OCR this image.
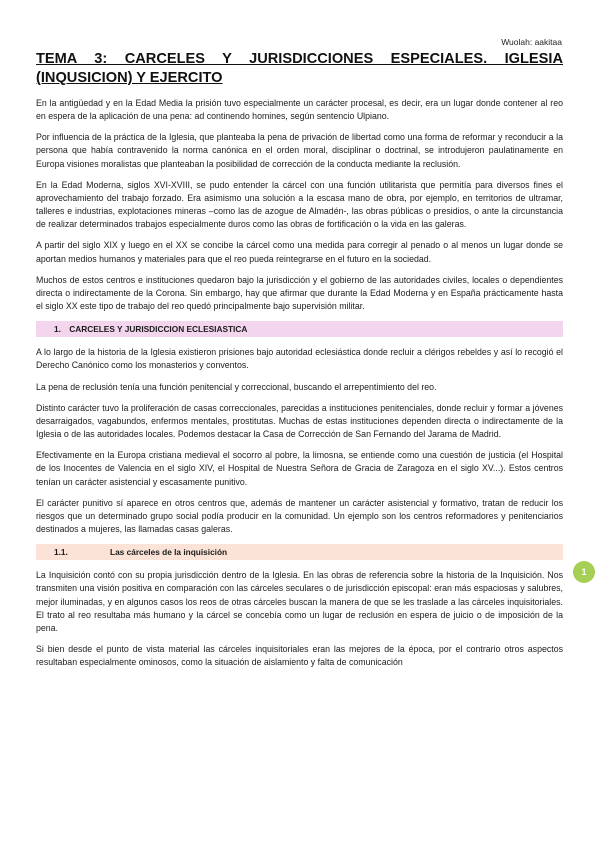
Wuolah: aakitaa
TEMA 3: CARCELES Y JURISDICCIONES ESPECIALES. IGLESIA (INQUSICION) Y EJERCITO

En la antigüedad y en la Edad Media la prisión tuvo especialmente un carácter procesal, es decir, era un lugar donde contener al reo en espera de la aplicación de una pena: ad continendo homines, según sentencio Ulpiano.

Por influencia de la práctica de la Iglesia, que planteaba la pena de privación de libertad como una forma de reformar y reconducir a la persona que había contravenido la norma canónica en el orden moral, disciplinar o doctrinal, se introdujeron paulatinamente en Europa visiones moralistas que planteaban la posibilidad de corrección de la conducta mediante la reclusión.

En la Edad Moderna, siglos XVI-XVIII, se pudo entender la cárcel con una función utilitarista que permitía para diversos fines el aprovechamiento del trabajo forzado. Era asimismo una solución a la escasa mano de obra, por ejemplo, en territorios de ultramar, talleres e industrias, explotaciones mineras –como las de azogue de Almadén-, las obras públicas o presidios, o ante la circunstancia de realizar determinados trabajos especialmente duros como las obras de fortificación o la vida en las galeras.

A partir del siglo XIX y luego en el XX se concibe la cárcel como una medida para corregir al penado o al menos un lugar donde se aportan medios humanos y materiales para que el reo pueda reintegrarse en el futuro en la sociedad.

Muchos de estos centros e instituciones quedaron bajo la jurisdicción y el gobierno de las autoridades civiles, locales o dependientes directa o indirectamente de la Corona. Sin embargo, hay que afirmar que durante la Edad Moderna y en España prácticamente hasta el siglo XX este tipo de trabajo del reo quedó principalmente bajo supervisión militar.

1. CARCELES Y JURISDICCION ECLESIASTICA

A lo largo de la historia de la Iglesia existieron prisiones bajo autoridad eclesiástica donde recluir a clérigos rebeldes y así lo recogió el Derecho Canónico como los monasterios y conventos.

La pena de reclusión tenía una función penitencial y correccional, buscando el arrepentimiento del reo.

Distinto carácter tuvo la proliferación de casas correccionales, parecidas a instituciones penitenciales, donde recluir y formar a jóvenes desarraigados, vagabundos, enfermos mentales, prostitutas. Muchas de estas instituciones dependen directa o indirectamente de la Iglesia o de las autoridades locales. Podemos destacar la Casa de Corrección de San Fernando del Jarama de Madrid.

Efectivamente en la Europa cristiana medieval el socorro al pobre, la limosna, se entiende como una cuestión de justicia (el Hospital de los Inocentes de Valencia en el siglo XIV, el Hospital de Nuestra Señora de Gracia de Zaragoza en el siglo XV...). Estos centros tenían un carácter asistencial y escasamente punitivo.

El carácter punitivo sí aparece en otros centros que, además de mantener un carácter asistencial y formativo, tratan de reducir los riesgos que un determinado grupo social podía producir en la comunidad. Un ejemplo son los centros reformadores y penitenciarios destinados a mujeres, las llamadas casas galeras.

1.1.	Las cárceles de la inquisición

La Inquisición contó con su propia jurisdicción dentro de la Iglesia. En las obras de referencia sobre la historia de la Inquisición. Nos transmiten una visión positiva en comparación con las cárceles seculares o de jurisdicción episcopal: eran más espaciosas y salubres, mejor iluminadas, y en algunos casos los reos de otras cárceles buscan la manera de que se les traslade a las cárceles inquisitoriales. El trato al reo resultaba más humano y la cárcel se concebía como un lugar de reclusión en espera de juicio o de imposición de la pena.

Si bien desde el punto de vista material las cárceles inquisitoriales eran las mejores de la época, por el contrario otros aspectos resultaban especialmente ominosos, como la situación de aislamiento y falta de comunicación

1
